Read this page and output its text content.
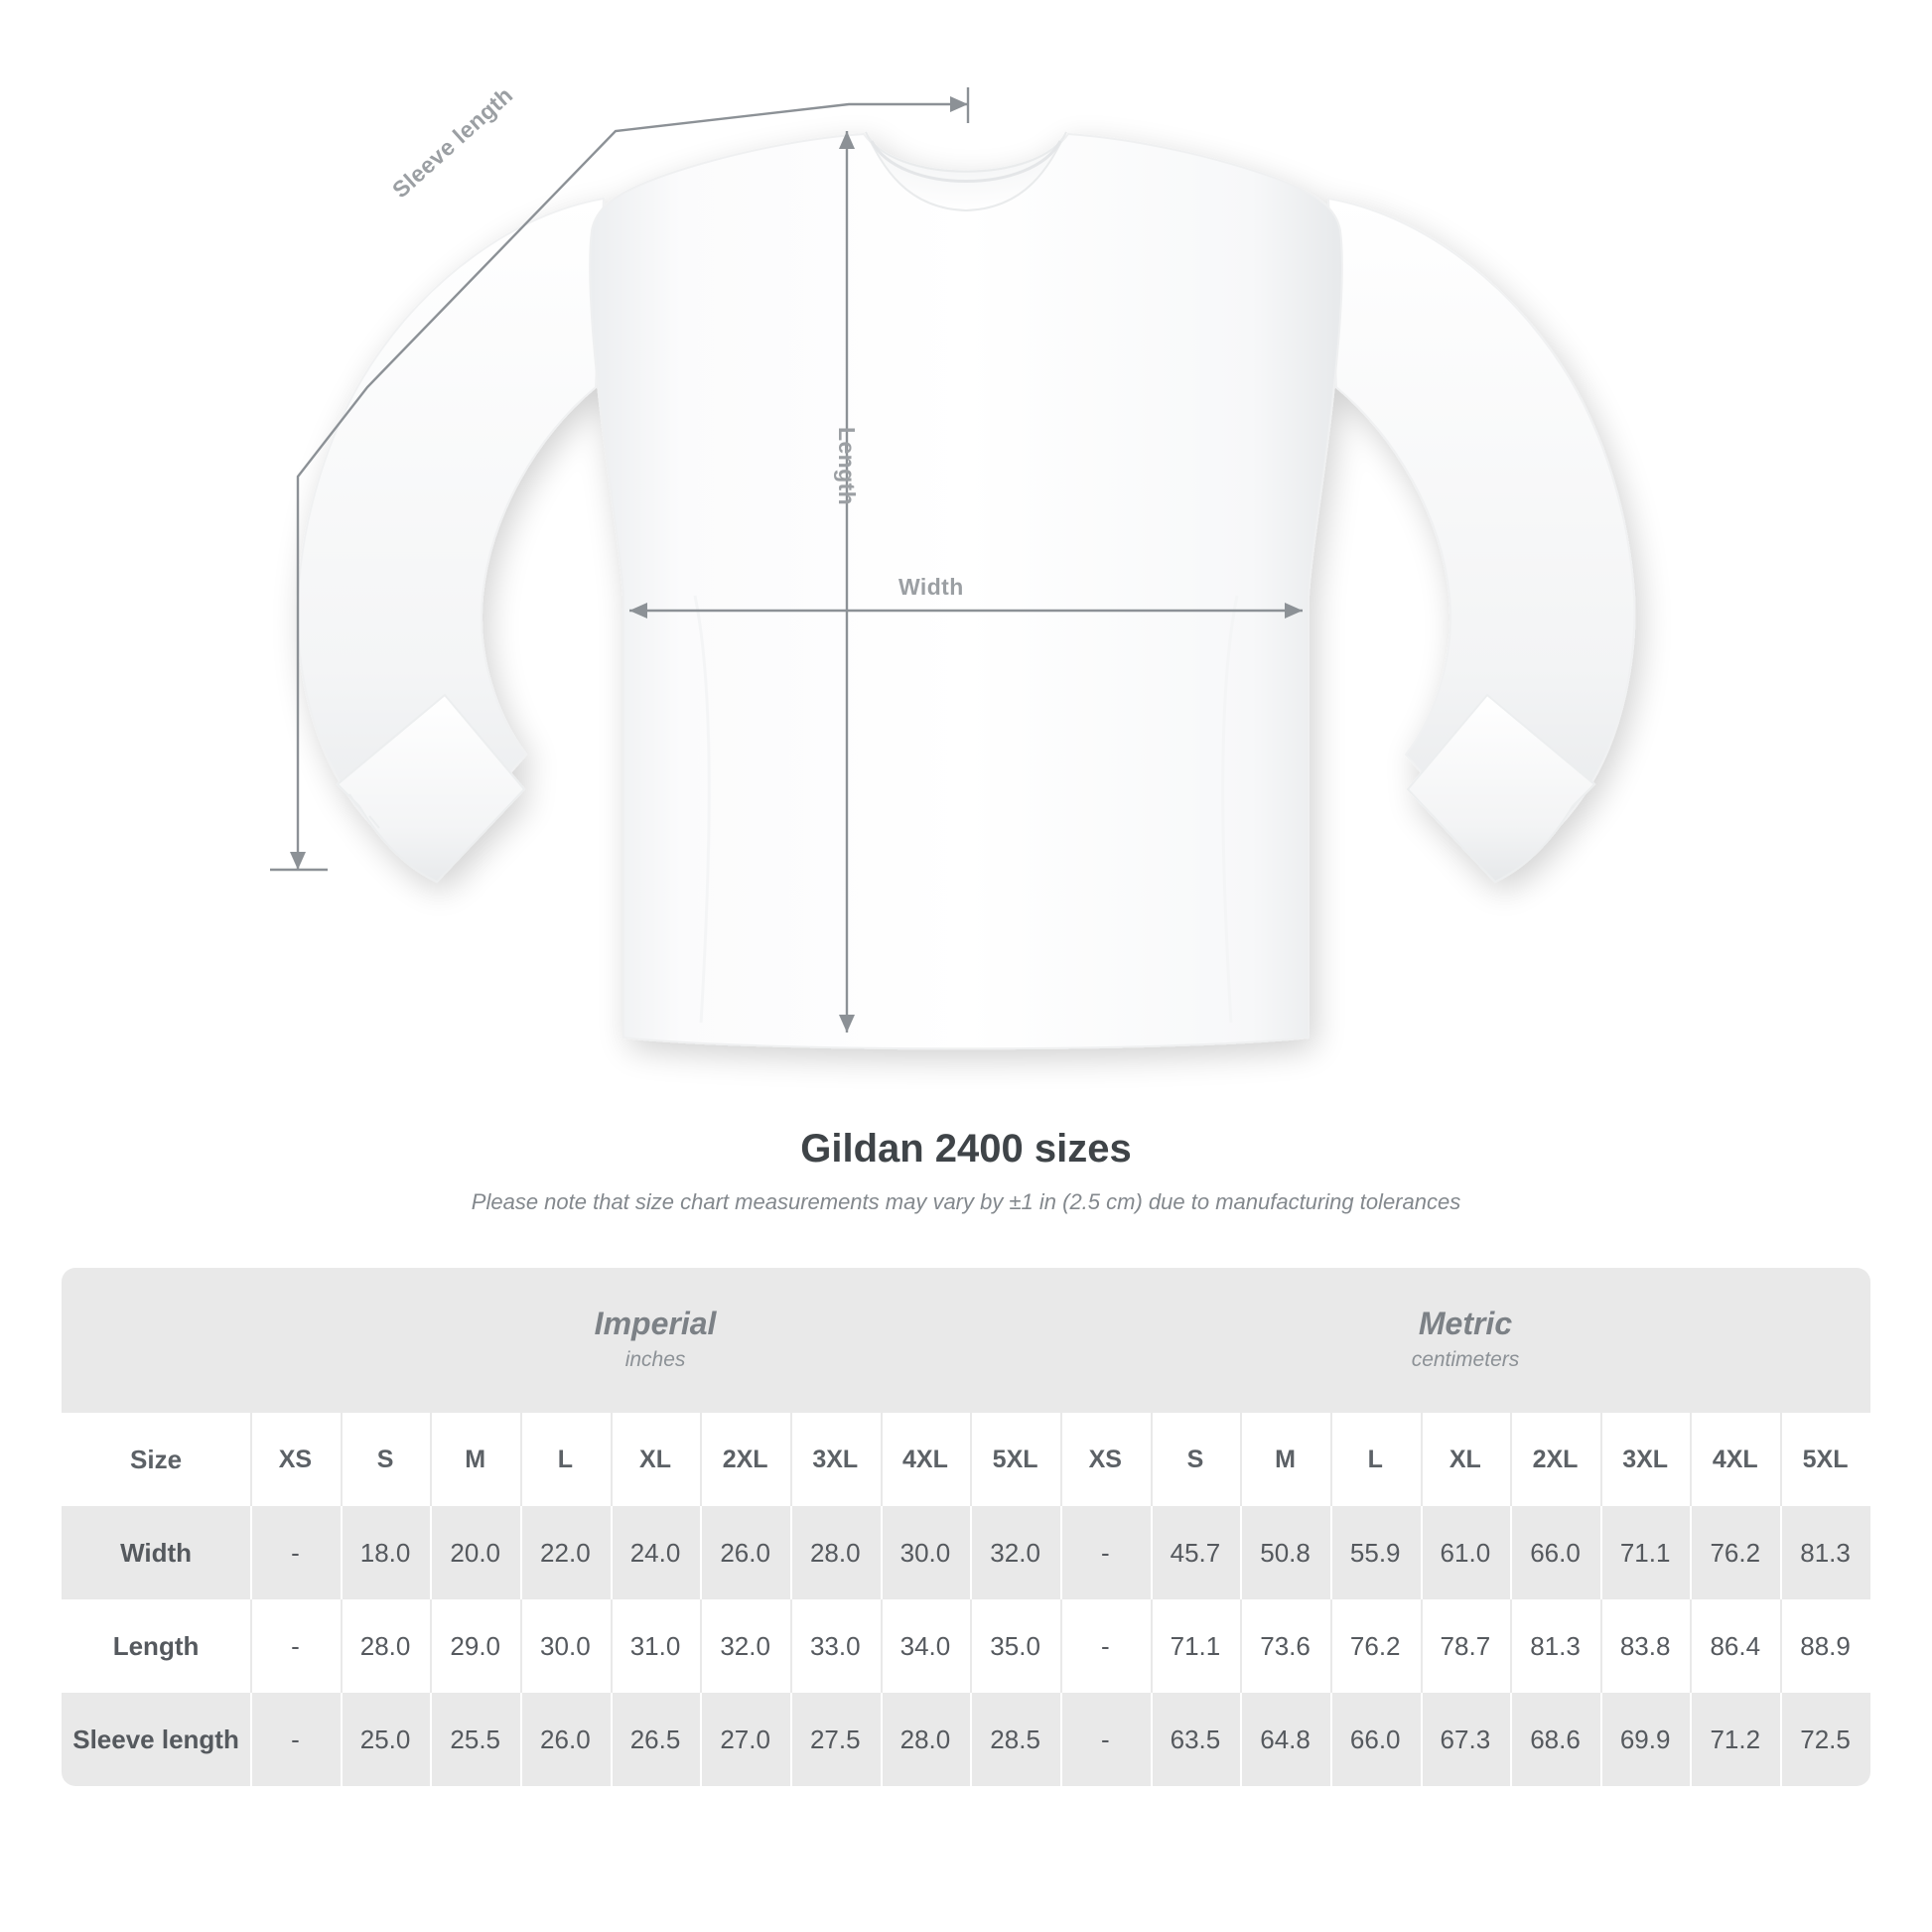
Width
Length
Sleeve length
Gildan 2400 sizes

Please note that size chart measurements may vary by ±1 in (2.5 cm) due to manufacturing tolerances

Imperial
inches

Metric
centimeters

Size	XS	S	M	L	XL	2XL	3XL	4XL	5XL	XS	S	M	L	XL	2XL	3XL	4XL	5XL
Width	-	18.0	20.0	22.0	24.0	26.0	28.0	30.0	32.0	-	45.7	50.8	55.9	61.0	66.0	71.1	76.2	81.3
Length	-	28.0	29.0	30.0	31.0	32.0	33.0	34.0	35.0	-	71.1	73.6	76.2	78.7	81.3	83.8	86.4	88.9
Sleeve length	-	25.0	25.5	26.0	26.5	27.0	27.5	28.0	28.5	-	63.5	64.8	66.0	67.3	68.6	69.9	71.2	72.5
